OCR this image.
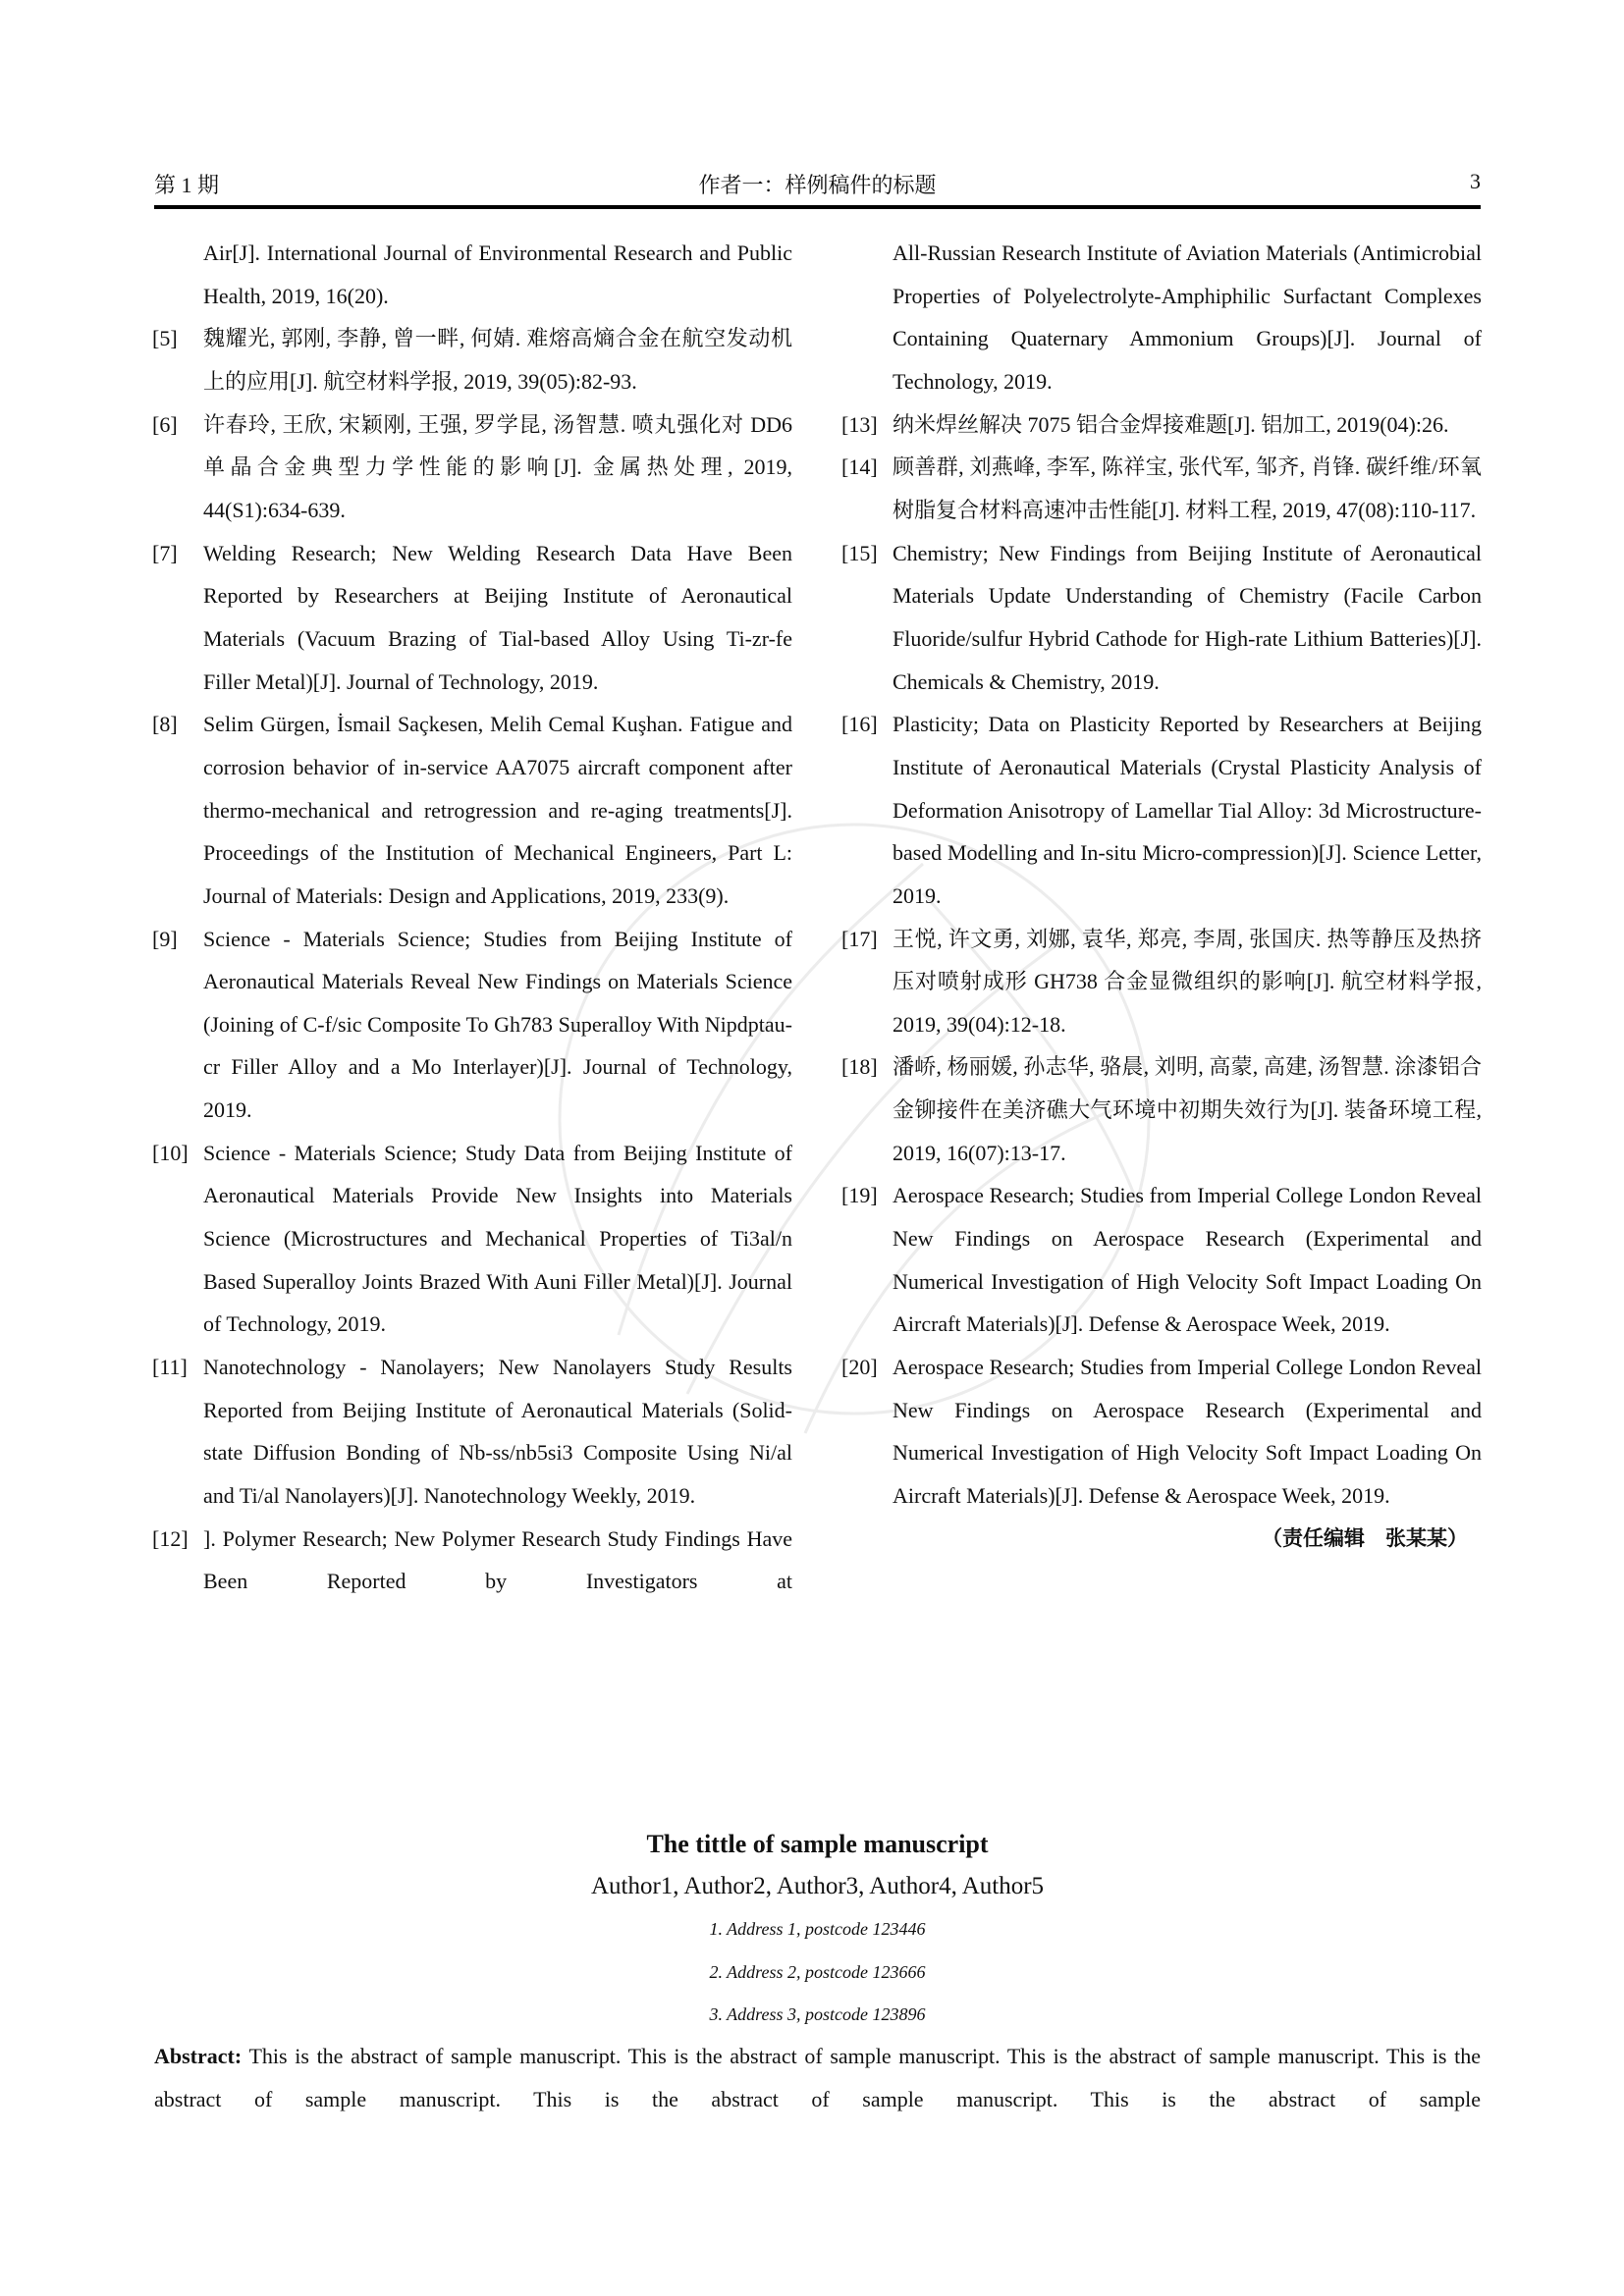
第 1 期	作者一：样例稿件的标题	3
Air[J]. International Journal of Environmental Research and Public Health, 2019, 16(20).
[5] 魏耀光, 郭刚, 李静, 曾一畔, 何婧. 难熔高熵合金在航空发动机上的应用[J]. 航空材料学报, 2019, 39(05):82-93.
[6] 许春玲, 王欣, 宋颖刚, 王强, 罗学昆, 汤智慧. 喷丸强化对 DD6 单晶合金典型力学性能的影响[J]. 金属热处理, 2019, 44(S1):634-639.
[7] Welding Research; New Welding Research Data Have Been Reported by Researchers at Beijing Institute of Aeronautical Materials (Vacuum Brazing of Tial-based Alloy Using Ti-zr-fe Filler Metal)[J]. Journal of Technology, 2019.
[8] Selim Gürgen, İsmail Saçkesen, Melih Cemal Kuşhan. Fatigue and corrosion behavior of in-service AA7075 aircraft component after thermo-mechanical and retrogression and re-aging treatments[J]. Proceedings of the Institution of Mechanical Engineers, Part L: Journal of Materials: Design and Applications, 2019, 233(9).
[9] Science - Materials Science; Studies from Beijing Institute of Aeronautical Materials Reveal New Findings on Materials Science (Joining of C-f/sic Composite To Gh783 Superalloy With Nipdptau-cr Filler Alloy and a Mo Interlayer)[J]. Journal of Technology, 2019.
[10] Science - Materials Science; Study Data from Beijing Institute of Aeronautical Materials Provide New Insights into Materials Science (Microstructures and Mechanical Properties of Ti3al/n Based Superalloy Joints Brazed With Auni Filler Metal)[J]. Journal of Technology, 2019.
[11] Nanotechnology - Nanolayers; New Nanolayers Study Results Reported from Beijing Institute of Aeronautical Materials (Solid-state Diffusion Bonding of Nb-ss/nb5si3 Composite Using Ni/al and Ti/al Nanolayers)[J]. Nanotechnology Weekly, 2019.
[12] ]. Polymer Research; New Polymer Research Study Findings Have Been Reported by Investigators at
All-Russian Research Institute of Aviation Materials (Antimicrobial Properties of Polyelectrolyte-Amphiphilic Surfactant Complexes Containing Quaternary Ammonium Groups)[J]. Journal of Technology, 2019.
[13] 纳米焊丝解决 7075 铝合金焊接难题[J]. 铝加工, 2019(04):26.
[14] 顾善群, 刘燕峰, 李军, 陈祥宝, 张代军, 邹齐, 肖锋. 碳纤维/环氧树脂复合材料高速冲击性能[J]. 材料工程, 2019, 47(08):110-117.
[15] Chemistry; New Findings from Beijing Institute of Aeronautical Materials Update Understanding of Chemistry (Facile Carbon Fluoride/sulfur Hybrid Cathode for High-rate Lithium Batteries)[J]. Chemicals & Chemistry, 2019.
[16] Plasticity; Data on Plasticity Reported by Researchers at Beijing Institute of Aeronautical Materials (Crystal Plasticity Analysis of Deformation Anisotropy of Lamellar Tial Alloy: 3d Microstructure-based Modelling and In-situ Micro-compression)[J]. Science Letter, 2019.
[17] 王悦, 许文勇, 刘娜, 袁华, 郑亮, 李周, 张国庆. 热等静压及热挤压对喷射成形 GH738 合金显微组织的影响[J]. 航空材料学报, 2019, 39(04):12-18.
[18] 潘峤, 杨丽媛, 孙志华, 骆晨, 刘明, 高蒙, 高建, 汤智慧. 涂漆铝合金铆接件在美济礁大气环境中初期失效行为[J]. 装备环境工程, 2019, 16(07):13-17.
[19] Aerospace Research; Studies from Imperial College London Reveal New Findings on Aerospace Research (Experimental and Numerical Investigation of High Velocity Soft Impact Loading On Aircraft Materials)[J]. Defense & Aerospace Week, 2019.
[20] Aerospace Research; Studies from Imperial College London Reveal New Findings on Aerospace Research (Experimental and Numerical Investigation of High Velocity Soft Impact Loading On Aircraft Materials)[J]. Defense & Aerospace Week, 2019.
（责任编辑　张某某）
The tittle of sample manuscript
Author1, Author2, Author3, Author4, Author5
1. Address 1, postcode 123446
2. Address 2, postcode 123666
3. Address 3, postcode 123896
Abstract: This is the abstract of sample manuscript. This is the abstract of sample manuscript. This is the abstract of sample manuscript. This is the abstract of sample manuscript. This is the abstract of sample manuscript. This is the abstract of sample
